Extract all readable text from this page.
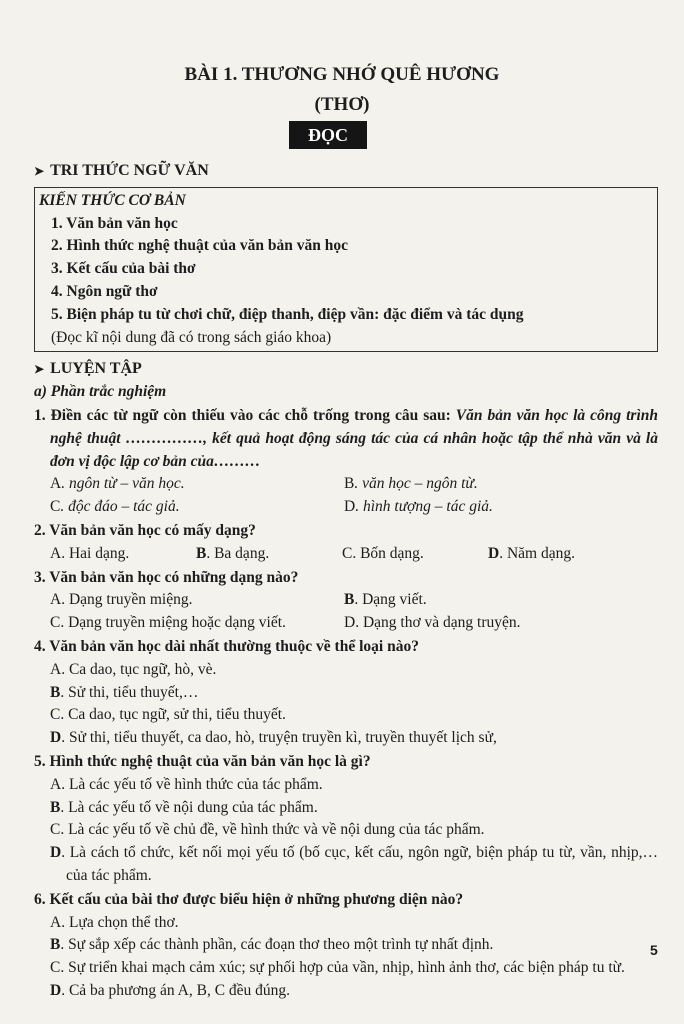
BÀI 1. THƯƠNG NHỚ QUÊ HƯƠNG
(THƠ)
ĐỌC
➤ TRI THỨC NGỮ VĂN
KIẾN THỨC CƠ BẢN
1. Văn bản văn học
2. Hình thức nghệ thuật của văn bản văn học
3. Kết cấu của bài thơ
4. Ngôn ngữ thơ
5. Biện pháp tu từ chơi chữ, điệp thanh, điệp vần: đặc điểm và tác dụng
(Đọc kĩ nội dung đã có trong sách giáo khoa)
➤ LUYỆN TẬP
a) Phần trắc nghiệm
1. Điền các từ ngữ còn thiếu vào các chỗ trống trong câu sau: Văn bản văn học là công trình nghệ thuật ……………, kết quả hoạt động sáng tác của cá nhân hoặc tập thể nhà văn và là đơn vị độc lập cơ bản của………
A. ngôn từ – văn học.	B. văn học – ngôn từ.
C. độc đáo – tác giả.	D. hình tượng – tác giả.
2. Văn bản văn học có mấy dạng?
A. Hai dạng.	B. Ba dạng.	C. Bốn dạng.	D. Năm dạng.
3. Văn bản văn học có những dạng nào?
A. Dạng truyền miệng.	B. Dạng viết.
C. Dạng truyền miệng hoặc dạng viết.	D. Dạng thơ và dạng truyện.
4. Văn bản văn học dài nhất thường thuộc về thể loại nào?
A. Ca dao, tục ngữ, hò, vè.
B. Sử thi, tiểu thuyết,…
C. Ca dao, tục ngữ, sử thi, tiểu thuyết.
D. Sử thi, tiểu thuyết, ca dao, hò, truyện truyền kì, truyền thuyết lịch sử,
5. Hình thức nghệ thuật của văn bản văn học là gì?
A. Là các yếu tố về hình thức của tác phẩm.
B. Là các yếu tố về nội dung của tác phẩm.
C. Là các yếu tố về chủ đề, về hình thức và về nội dung của tác phẩm.
D. Là cách tổ chức, kết nối mọi yếu tố (bố cục, kết cấu, ngôn ngữ, biện pháp tu từ, vần, nhịp,… của tác phẩm.
6. Kết cấu của bài thơ được biểu hiện ở những phương diện nào?
A. Lựa chọn thể thơ.
B. Sự sắp xếp các thành phần, các đoạn thơ theo một trình tự nhất định.
C. Sự triển khai mạch cảm xúc; sự phối hợp của vần, nhịp, hình ảnh thơ, các biện pháp tu từ.
D. Cả ba phương án A, B, C đều đúng.
5
